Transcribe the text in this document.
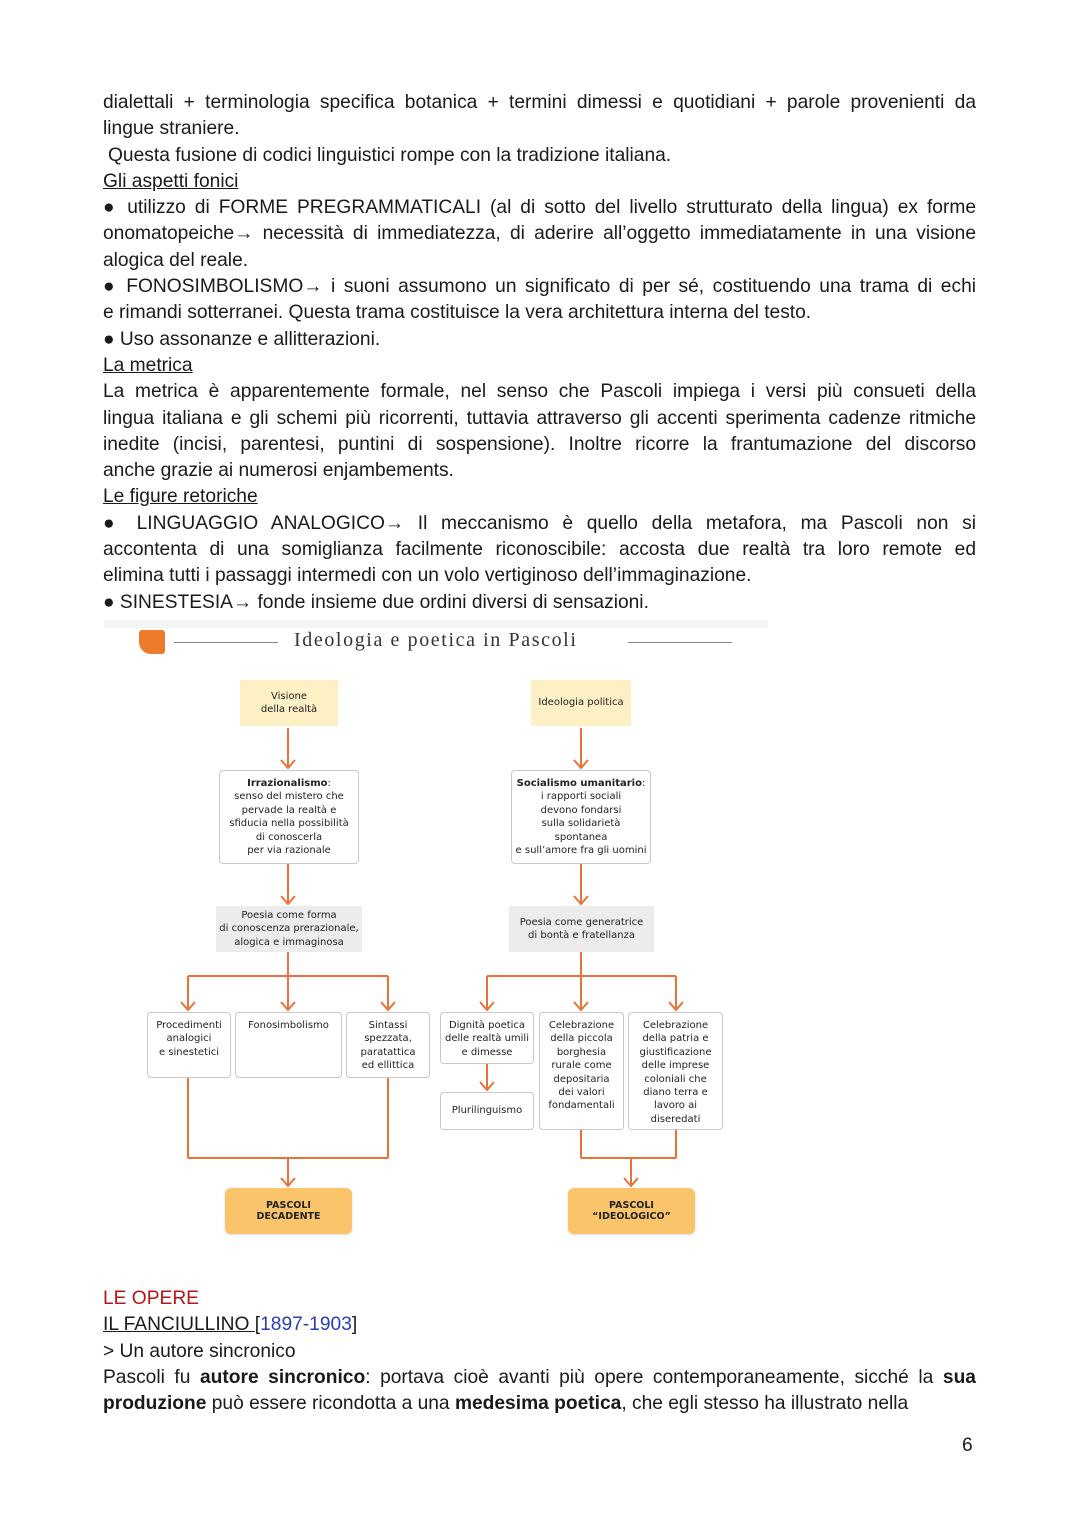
dialettali + terminologia specifica botanica + termini dimessi e quotidiani + parole provenienti da

lingue straniere.

Questa fusione di codici linguistici rompe con la tradizione italiana.

Gli aspetti fonici

● utilizzo di FORME PREGRAMMATICALI (al di sotto del livello strutturato della lingua) ex forme

onomatopeiche→ necessità di immediatezza, di aderire all’oggetto immediatamente in una visione

alogica del reale.

● FONOSIMBOLISMO→ i suoni assumono un significato di per sé, costituendo una trama di echi

e rimandi sotterranei. Questa trama costituisce la vera architettura interna del testo.

● Uso assonanze e allitterazioni.

La metrica

La metrica è apparentemente formale, nel senso che Pascoli impiega i versi più consueti della

lingua italiana e gli schemi più ricorrenti, tuttavia attraverso gli accenti sperimenta cadenze ritmiche

inedite (incisi, parentesi, puntini di sospensione). Inoltre ricorre la frantumazione del discorso

anche grazie ai numerosi enjambements.

Le figure retoriche

● LINGUAGGIO ANALOGICO→ Il meccanismo è quello della metafora, ma Pascoli non si

accontenta di una somiglianza facilmente riconoscibile: accosta due realtà tra loro remote ed

elimina tutti i passaggi intermedi con un volo vertiginoso dell’immaginazione.

● SINESTESIA→ fonde insieme due ordini diversi di sensazioni.

Ideologia e poetica in Pascoli
Visione
della realtà
Ideologia politica
Irrazionalismo:
senso del mistero che
pervade la realtà e
sfiducia nella possibilità
di conoscerla
per via razionale
Socialismo umanitario:
i rapporti sociali
devono fondarsi
sulla solidarietà
spontanea
e sull’amore fra gli uomini
Poesia come forma
di conoscenza prerazionale,
alogica e immaginosa
Poesia come generatrice
di bontà e fratellanza
Procedimenti
analogici
e sinestetici
Fonosimbolismo	Sintassi
spezzata,
paratattica
ed ellittica
Dignità poetica
delle realtà umili
e dimesse
Plurilinguismo
Celebrazione
della piccola
borghesia
rurale come
depositaria
dei valori
fondamentali
Celebrazione
della patria e
giustificazione
delle imprese
coloniali che
diano terra e
lavoro ai
diseredati
PASCOLI
DECADENTE
PASCOLI
“IDEOLOGICO”

LE OPERE

IL FANCIULLINO [1897-1903]

> Un autore sincronico

Pascoli fu autore sincronico: portava cioè avanti più opere contemporaneamente, sicché la sua produzione può essere ricondotta a una medesima poetica, che egli stesso ha illustrato nella

6
